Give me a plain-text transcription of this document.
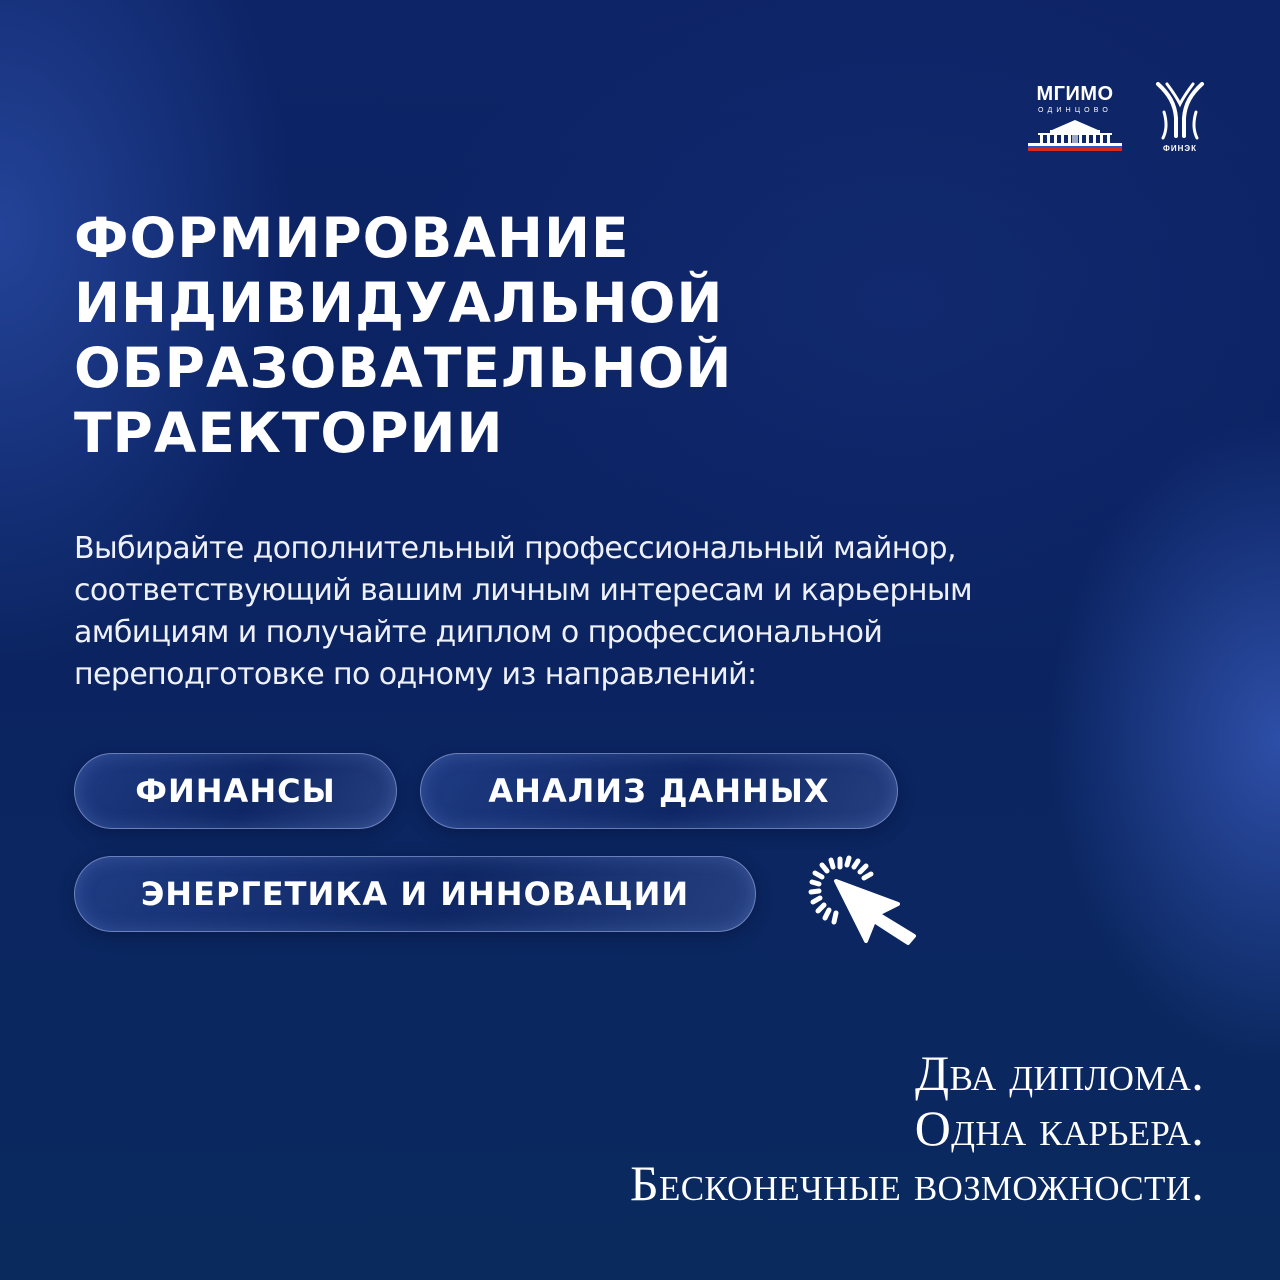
МГИМО
ОДИНЦОВО
ФИНЭК
ФОРМИРОВАНИЕ
ИНДИВИДУАЛЬНОЙ
ОБРАЗОВАТЕЛЬНОЙ
ТРАЕКТОРИИ

Выбирайте дополнительный профессиональный майнор,
соответствующий вашим личным интересам и карьерным
амбициям и получайте диплом о профессиональной
переподготовке по одному из направлений:

ФИНАНСЫ	АНАЛИЗ ДАННЫХ
ЭНЕРГЕТИКА И ИННОВАЦИИ
Два диплома.
Одна карьера.
Бесконечные возможности.
